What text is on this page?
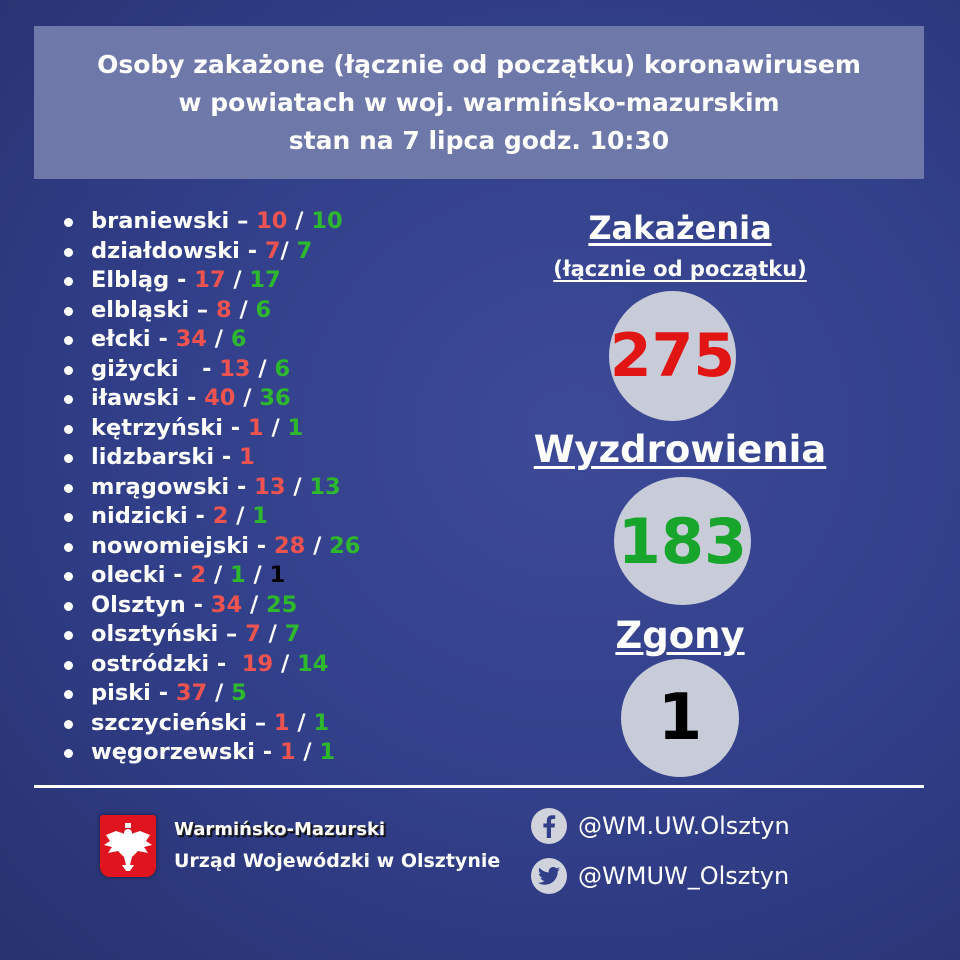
Osoby zakażone (łącznie od początku) koronawirusem
w powiatach w woj. warmińsko-mazurskim
stan na 7 lipca godz. 10:30
braniewski – 10 / 10
działdowski - 7/ 7
Elbląg - 17 / 17
elbląski – 8 / 6
ełcki - 34 / 6
giżycki   - 13 / 6
iławski - 40 / 36
kętrzyński - 1 / 1
lidzbarski - 1
mrągowski - 13 / 13
nidzicki - 2 / 1
nowomiejski - 28 / 26
olecki - 2 / 1 / 1
Olsztyn - 34 / 25
olsztyński – 7 / 7
ostródzki -  19 / 14
piski - 37 / 5
szczycieński – 1 / 1
węgorzewski - 1 / 1
Zakażenia
(łącznie od początku)
275
Wyzdrowienia
183
Zgony
1
Warmińsko-Mazurski
Urząd Wojewódzki w Olsztynie
@WM.UW.Olsztyn
@WMUW_Olsztyn
